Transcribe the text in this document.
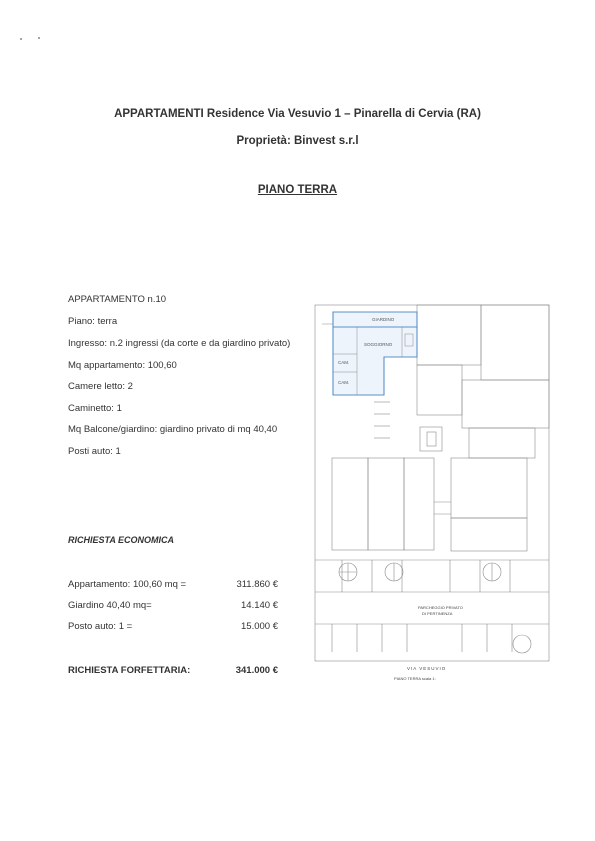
APPARTAMENTI Residence Via Vesuvio 1 – Pinarella di Cervia (RA)
Proprietà: Binvest s.r.l
PIANO TERRA
APPARTAMENTO n.10
Piano: terra
Ingresso: n.2 ingressi (da corte e da giardino privato)
Mq appartamento: 100,60
Camere letto: 2
Caminetto: 1
Mq Balcone/giardino: giardino privato di mq 40,40
Posti auto: 1
RICHIESTA ECONOMICA
Appartamento: 100,60 mq =	311.860 €
Giardino 40,40 mq=	14.140 €
Posto auto: 1 =	15.000 €
RICHIESTA FORFETTARIA:	341.000 €
GIARDINO
SOGGIORNO
CAM.
CAM.
PARCHEGGIO PRIVATO
DI PERTINENZA
VIA VESUVIO
PIANO TERRA scala 1:
